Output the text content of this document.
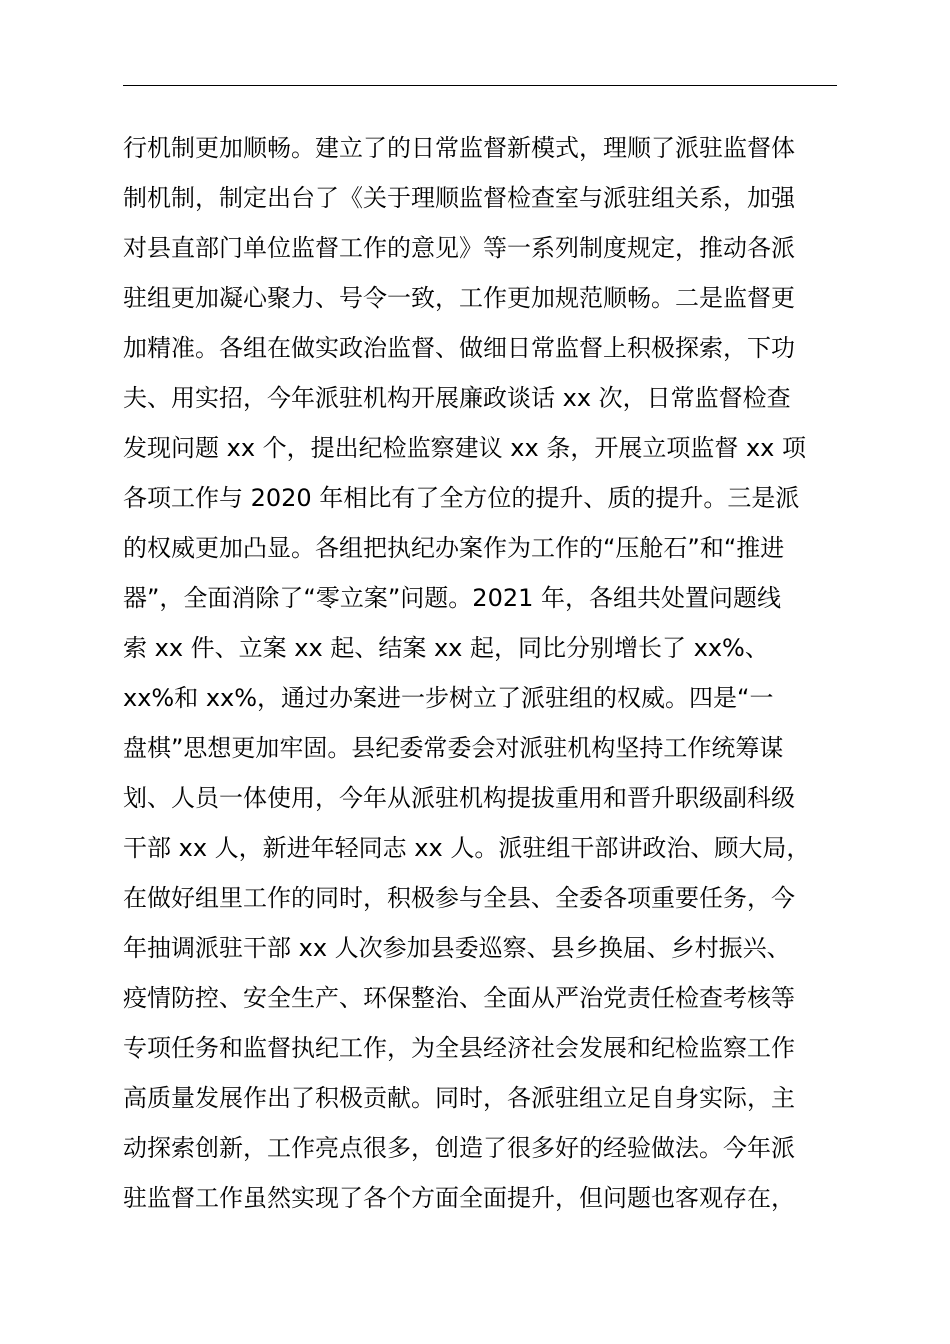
行机制更加顺畅。建立了的日常监督新模式，理顺了派驻监督体
制机制，制定出台了《关于理顺监督检查室与派驻组关系，加强
对县直部门单位监督工作的意见》等一系列制度规定，推动各派
驻组更加凝心聚力、号令一致，工作更加规范顺畅。二是监督更
加精准。各组在做实政治监督、做细日常监督上积极探索，下功
夫、用实招，今年派驻机构开展廉政谈话 xx 次，日常监督检查
发现问题 xx 个，提出纪检监察建议 xx 条，开展立项监督 xx 项
各项工作与 2020 年相比有了全方位的提升、质的提升。三是派
的权威更加凸显。各组把执纪办案作为工作的“压舱石”和“推进
器”，全面消除了“零立案”问题。2021 年，各组共处置问题线
索 xx 件、立案 xx 起、结案 xx 起，同比分别增长了 xx%、
xx%和 xx%，通过办案进一步树立了派驻组的权威。四是“一
盘棋”思想更加牢固。县纪委常委会对派驻机构坚持工作统筹谋
划、人员一体使用，今年从派驻机构提拔重用和晋升职级副科级
干部 xx 人，新进年轻同志 xx 人。派驻组干部讲政治、顾大局，
在做好组里工作的同时，积极参与全县、全委各项重要任务，今
年抽调派驻干部 xx 人次参加县委巡察、县乡换届、乡村振兴、
疫情防控、安全生产、环保整治、全面从严治党责任检查考核等
专项任务和监督执纪工作，为全县经济社会发展和纪检监察工作
高质量发展作出了积极贡献。同时，各派驻组立足自身实际，主
动探索创新，工作亮点很多，创造了很多好的经验做法。今年派
驻监督工作虽然实现了各个方面全面提升，但问题也客观存在，
